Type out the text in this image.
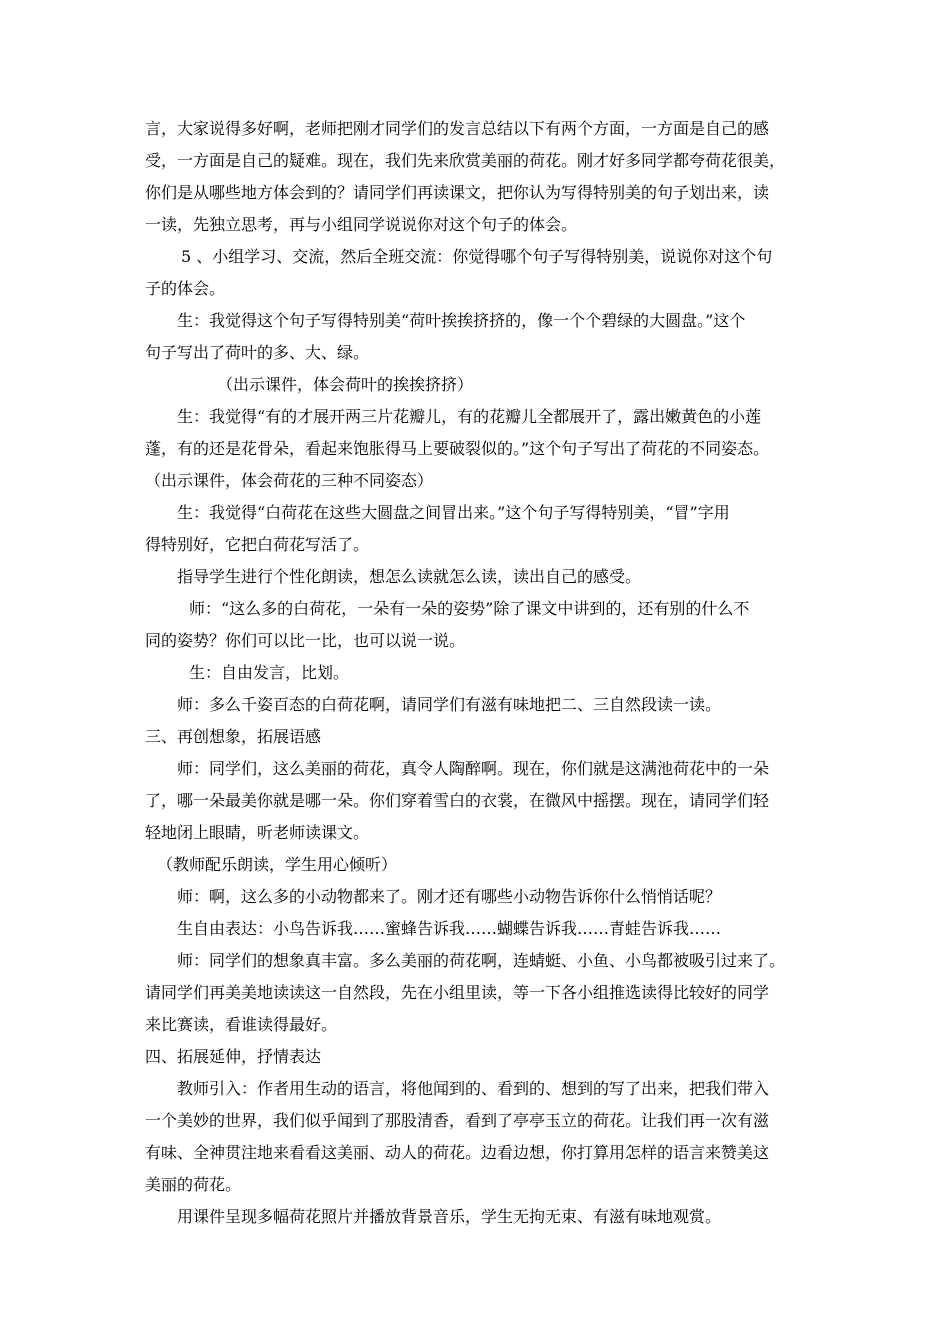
言，大家说得多好啊，老师把刚才同学们的发言总结以下有两个方面，一方面是自己的感

受，一方面是自己的疑难。现在，我们先来欣赏美丽的荷花。刚才好多同学都夸荷花很美，

你们是从哪些地方体会到的？请同学们再读课文，把你认为写得特别美的句子划出来，读

一读，先独立思考，再与小组同学说说你对这个句子的体会。

5 、小组学习、交流，然后全班交流：你觉得哪个句子写得特别美，说说你对这个句

子的体会。

生：我觉得这个句子写得特别美“荷叶挨挨挤挤的，像一个个碧绿的大圆盘。”这个

句子写出了荷叶的多、大、绿。

（出示课件，体会荷叶的挨挨挤挤）

生：我觉得“有的才展开两三片花瓣儿，有的花瓣儿全都展开了，露出嫩黄色的小莲

蓬，有的还是花骨朵，看起来饱胀得马上要破裂似的。”这个句子写出了荷花的不同姿态。

（出示课件，体会荷花的三种不同姿态）

生：我觉得“白荷花在这些大圆盘之间冒出来。”这个句子写得特别美，“冒”字用

得特别好，它把白荷花写活了。

指导学生进行个性化朗读，想怎么读就怎么读，读出自己的感受。

师：“这么多的白荷花，一朵有一朵的姿势”除了课文中讲到的，还有别的什么不

同的姿势？你们可以比一比，也可以说一说。

生：自由发言，比划。

师：多么千姿百态的白荷花啊，请同学们有滋有味地把二、三自然段读一读。

三、再创想象，拓展语感

师：同学们，这么美丽的荷花，真令人陶醉啊。现在，你们就是这满池荷花中的一朵

了，哪一朵最美你就是哪一朵。你们穿着雪白的衣裳，在微风中摇摆。现在，请同学们轻

轻地闭上眼睛，听老师读课文。

（教师配乐朗读，学生用心倾听）

师：啊，这么多的小动物都来了。刚才还有哪些小动物告诉你什么悄悄话呢？

生自由表达：小鸟告诉我……蜜蜂告诉我……蝴蝶告诉我……青蛙告诉我……

师：同学们的想象真丰富。多么美丽的荷花啊，连蜻蜓、小鱼、小鸟都被吸引过来了。

请同学们再美美地读读这一自然段，先在小组里读，等一下各小组推选读得比较好的同学

来比赛读，看谁读得最好。

四、拓展延伸，抒情表达

教师引入：作者用生动的语言，将他闻到的、看到的、想到的写了出来，把我们带入

一个美妙的世界，我们似乎闻到了那股清香，看到了亭亭玉立的荷花。让我们再一次有滋

有味、全神贯注地来看看这美丽、动人的荷花。边看边想，你打算用怎样的语言来赞美这

美丽的荷花。

用课件呈现多幅荷花照片并播放背景音乐，学生无拘无束、有滋有味地观赏。
